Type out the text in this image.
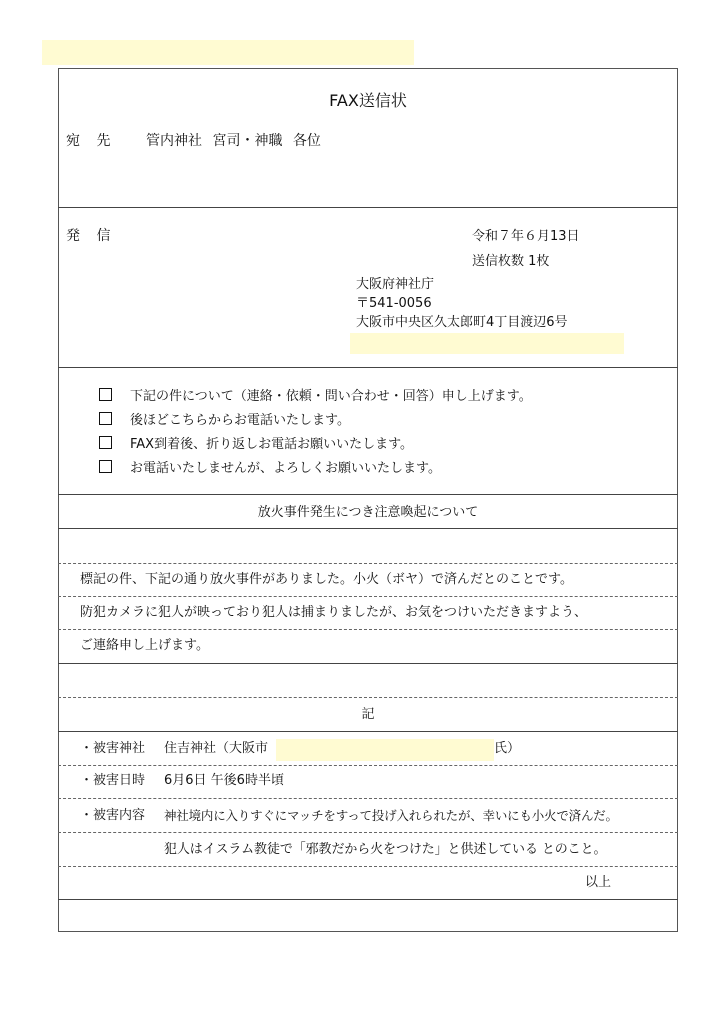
FAX送信状
宛 先 管内神社 宮司・神職 各位
発 信	令和７年６月13日
送信枚数 1枚
大阪府神社庁
〒541-0056
大阪市中央区久太郎町4丁目渡辺6号
下記の件について（連絡・依頼・問い合わせ・回答）申し上げます。
後ほどこちらからお電話いたします。
FAX到着後、折り返しお電話お願いいたします。
お電話いたしませんが、よろしくお願いいたします。
放火事件発生につき注意喚起について
標記の件、下記の通り放火事件がありました。小火（ボヤ）で済んだとのことです。
防犯カメラに犯人が映っており犯人は捕まりましたが、お気をつけいただきますよう、
ご連絡申し上げます。
記
・被害神社 住吉神社（大阪市	氏）
・被害日時 6月6日 午後6時半頃
・被害内容 神社境内に入りすぐにマッチをすって投げ入れられたが、幸いにも小火で済んだ。
犯人はイスラム教徒で「邪教だから火をつけた」と供述している とのこと。
以上
